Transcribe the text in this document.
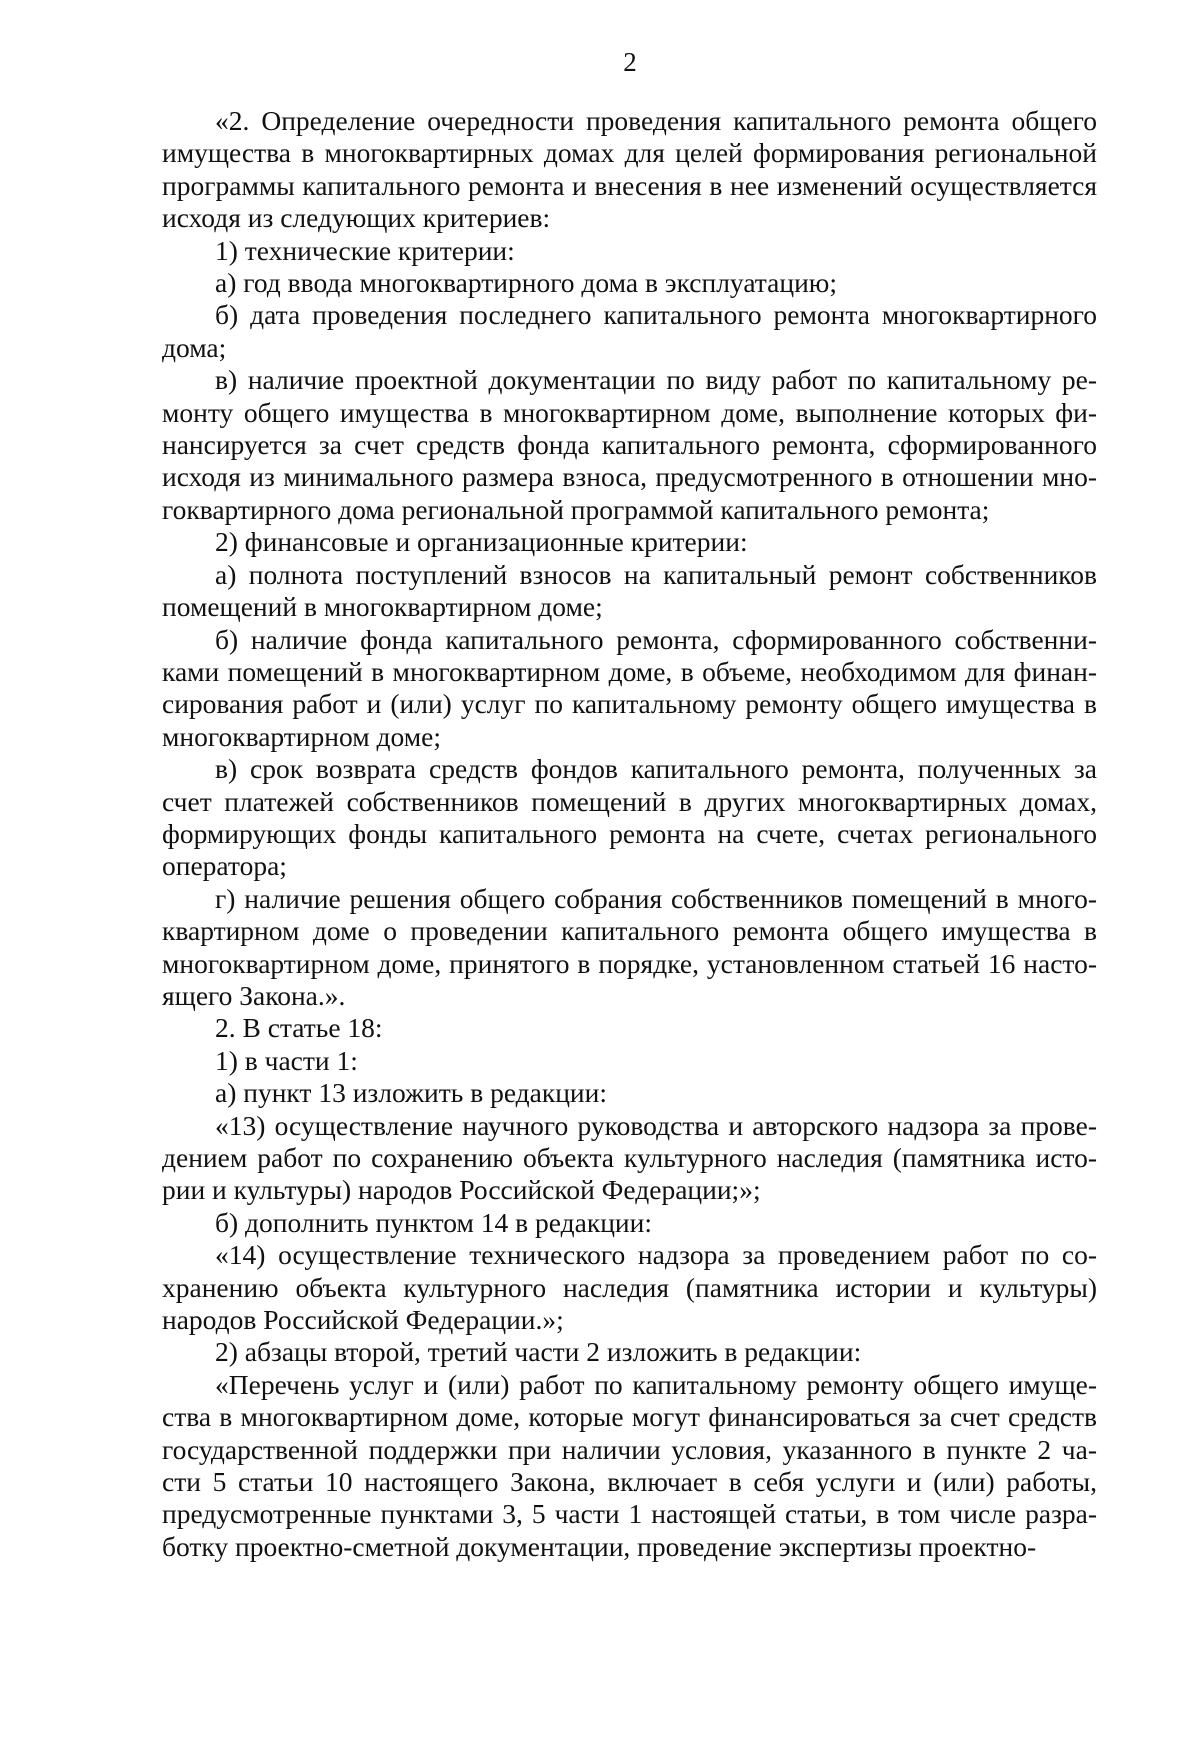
2
«2. Определение очередности проведения капитального ремонта общего
имущества в многоквартирных домах для целей формирования региональной
программы капитального ремонта и внесения в нее изменений осуществляется
исходя из следующих критериев:
1) технические критерии:
а) год ввода многоквартирного дома в эксплуатацию;
б) дата проведения последнего капитального ремонта многоквартирного
дома;
в) наличие проектной документации по виду работ по капитальному ре-
монту общего имущества в многоквартирном доме, выполнение которых фи-
нансируется за счет средств фонда капитального ремонта, сформированного
исходя из минимального размера взноса, предусмотренного в отношении мно-
гоквартирного дома региональной программой капитального ремонта;
2) финансовые и организационные критерии:
а) полнота поступлений взносов на капитальный ремонт собственников
помещений в многоквартирном доме;
б) наличие фонда капитального ремонта, сформированного собственни-
ками помещений в многоквартирном доме, в объеме, необходимом для финан-
сирования работ и (или) услуг по капитальному ремонту общего имущества в
многоквартирном доме;
в) срок возврата средств фондов капитального ремонта, полученных за
счет платежей собственников помещений в других многоквартирных домах,
формирующих фонды капитального ремонта на счете, счетах регионального
оператора;
г) наличие решения общего собрания собственников помещений в много-
квартирном доме о проведении капитального ремонта общего имущества в
многоквартирном доме, принятого в порядке, установленном статьей 16 насто-
ящего Закона.».
2. В статье 18:
1) в части 1:
а) пункт 13 изложить в редакции:
«13) осуществление научного руководства и авторского надзора за прове-
дением работ по сохранению объекта культурного наследия (памятника исто-
рии и культуры) народов Российской Федерации;»;
б) дополнить пунктом 14 в редакции:
«14) осуществление технического надзора за проведением работ по со-
хранению объекта культурного наследия (памятника истории и культуры)
народов Российской Федерации.»;
2) абзацы второй, третий части 2 изложить в редакции:
«Перечень услуг и (или) работ по капитальному ремонту общего имуще-
ства в многоквартирном доме, которые могут финансироваться за счет средств
государственной поддержки при наличии условия, указанного в пункте 2 ча-
сти 5 статьи 10 настоящего Закона, включает в себя услуги и (или) работы,
предусмотренные пунктами 3, 5 части 1 настоящей статьи, в том числе разра-
ботку проектно-сметной документации, проведение экспертизы проектно-
